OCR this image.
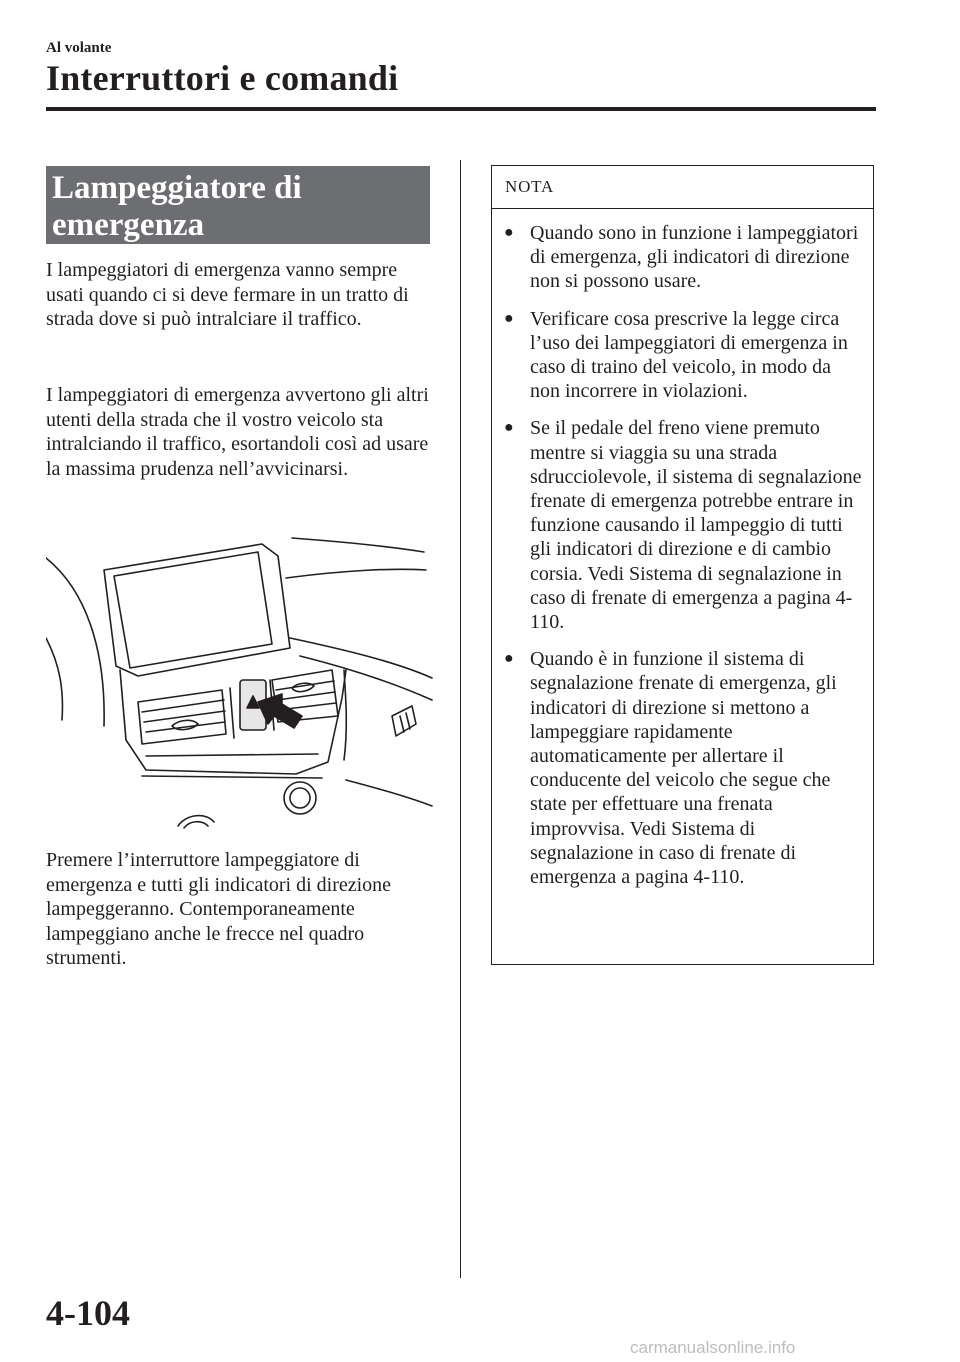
Al volante
Interruttori e comandi
Lampeggiatore di
emergenza

I lampeggiatori di emergenza vanno sempre usati quando ci si deve fermare in un tratto di strada dove si può intralciare il traffico.

I lampeggiatori di emergenza avvertono gli altri utenti della strada che il vostro veicolo sta intralciando il traffico, esortandoli così ad usare la massima prudenza nell’avvicinarsi.

Premere l’interruttore lampeggiatore di emergenza e tutti gli indicatori di direzione lampeggeranno. Contemporaneamente lampeggiano anche le frecce nel quadro strumenti.

NOTA
● Quando sono in funzione i lampeggiatori di emergenza, gli indicatori di direzione non si possono usare.
● Verificare cosa prescrive la legge circa l’uso dei lampeggiatori di emergenza in caso di traino del veicolo, in modo da non incorrere in violazioni.
● Se il pedale del freno viene premuto mentre si viaggia su una strada sdrucciolevole, il sistema di segnalazione frenate di emergenza potrebbe entrare in funzione causando il lampeggio di tutti gli indicatori di direzione e di cambio corsia. Vedi Sistema di segnalazione in caso di frenate di emergenza a pagina 4-110.
● Quando è in funzione il sistema di segnalazione frenate di emergenza, gli indicatori di direzione si mettono a lampeggiare rapidamente automaticamente per allertare il conducente del veicolo che segue che state per effettuare una frenata improvvisa. Vedi Sistema di segnalazione in caso di frenate di emergenza a pagina 4-110.
4-104
carmanualsonline.info
